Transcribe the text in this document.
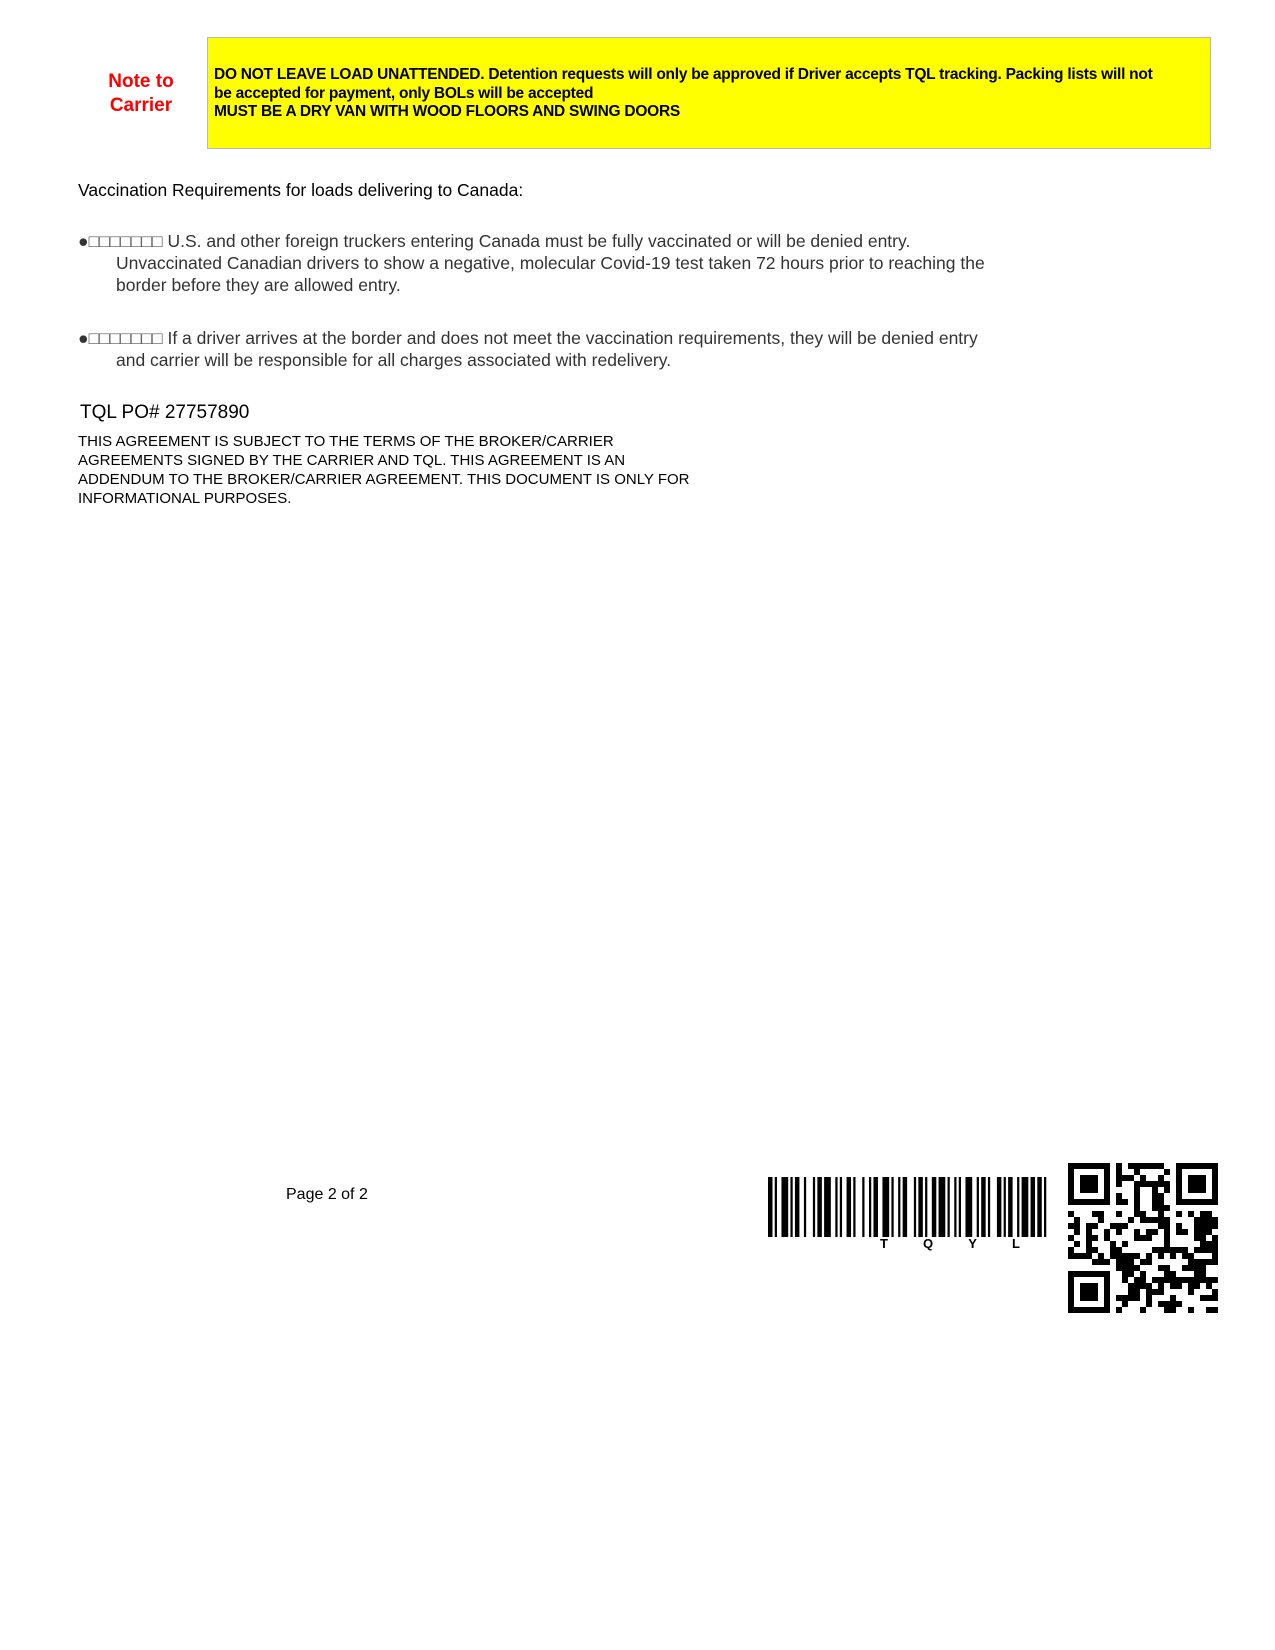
Note to
Carrier
DO NOT LEAVE LOAD UNATTENDED. Detention requests will only be approved if Driver accepts TQL tracking. Packing lists will not
be accepted for payment, only BOLs will be accepted
MUST BE A DRY VAN WITH WOOD FLOORS AND SWING DOORS
Vaccination Requirements for loads delivering to Canada:
●□□□□□□□ U.S. and other foreign truckers entering Canada must be fully vaccinated or will be denied entry.
Unvaccinated Canadian drivers to show a negative, molecular Covid-19 test taken 72 hours prior to reaching the
border before they are allowed entry.
●□□□□□□□ If a driver arrives at the border and does not meet the vaccination requirements, they will be denied entry
and carrier will be responsible for all charges associated with redelivery.
TQL PO# 27757890
THIS AGREEMENT IS SUBJECT TO THE TERMS OF THE BROKER/CARRIER
AGREEMENTS SIGNED BY THE CARRIER AND TQL. THIS AGREEMENT IS AN
ADDENDUM TO THE BROKER/CARRIER AGREEMENT. THIS DOCUMENT IS ONLY FOR
INFORMATIONAL PURPOSES.
Page 2 of 2
T	Q	Y	L
